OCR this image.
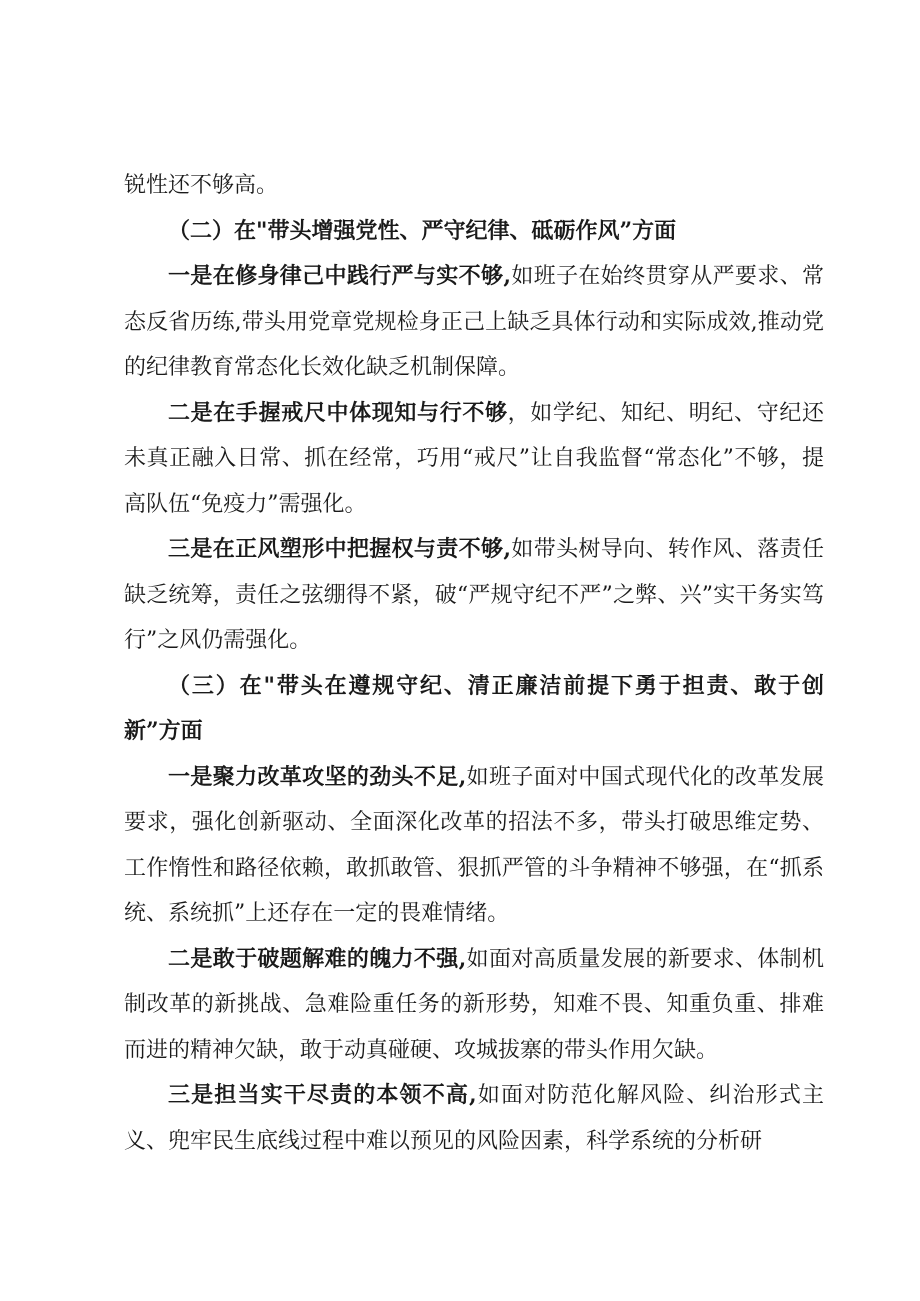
锐性还不够高。

（二）在"带头增强党性、严守纪律、砥砺作风”方面

一是在修身律己中践行严与实不够,如班子在始终贯穿从严要求、常态反省历练,带头用党章党规检身正己上缺乏具体行动和实际成效,推动党的纪律教育常态化长效化缺乏机制保障。

二是在手握戒尺中体现知与行不够，如学纪、知纪、明纪、守纪还未真正融入日常、抓在经常，巧用“戒尺”让自我监督“常态化”不够，提高队伍“免疫力”需强化。

三是在正风塑形中把握权与责不够,如带头树导向、转作风、落责任缺乏统筹，责任之弦绷得不紧，破“严规守纪不严”之弊、兴”实干务实笃行”之风仍需强化。

（三）在"带头在遵规守纪、清正廉洁前提下勇于担责、敢于创新”方面

一是聚力改革攻坚的劲头不足,如班子面对中国式现代化的改革发展要求，强化创新驱动、全面深化改革的招法不多，带头打破思维定势、工作惰性和路径依赖，敢抓敢管、狠抓严管的斗争精神不够强，在“抓系统、系统抓”上还存在一定的畏难情绪。

二是敢于破题解难的魄力不强,如面对高质量发展的新要求、体制机制改革的新挑战、急难险重任务的新形势，知难不畏、知重负重、排难而进的精神欠缺，敢于动真碰硬、攻城拔寨的带头作用欠缺。

三是担当实干尽责的本领不高,如面对防范化解风险、纠治形式主义、兜牢民生底线过程中难以预见的风险因素，科学系统的分析研
